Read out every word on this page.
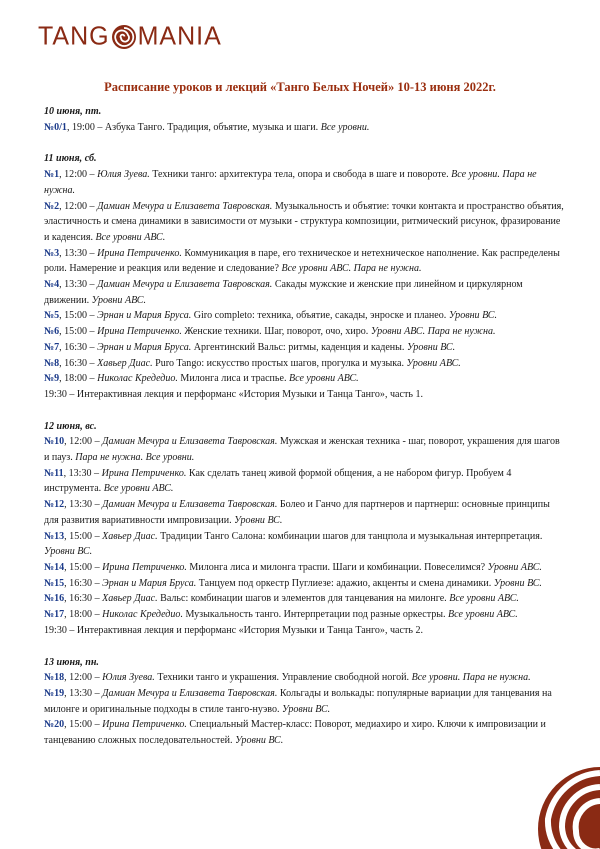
TANG MANIA
Расписание уроков и лекций «Танго Белых Ночей» 10-13 июня 2022г.
10 июня, пт.

№0/1, 19:00 – Азбука Танго. Традиция, объятие, музыка и шаги. Все уровни.

11 июня, сб.

№1, 12:00 – Юлия Зуева. Техники танго: архитектура тела, опора и свобода в шаге и повороте. Все уровни. Пара не нужна.

№2, 12:00 – Дамиан Мечура и Елизавета Тавровская. Музыкальность и объятие: точки контакта и пространство объятия, эластичность и смена динамики в зависимости от музыки - структура композиции, ритмический рисунок, фразирование и каденсия. Все уровни АВС.

№3, 13:30 – Ирина Петриченко. Коммуникация в паре, его техническое и нетехническое наполнение. Как распределены роли. Намерение и реакция или ведение и следование? Все уровни АВС. Пара не нужна.

№4, 13:30 – Дамиан Мечура и Елизавета Тавровская. Сакады мужские и женские при линейном и циркулярном движении. Уровни АВС.

№5, 15:00 – Эрнан и Мария Бруса. Giro completo: техника, объятие, сакады, энроске и планео. Уровни ВС.

№6, 15:00 – Ирина Петриченко. Женские техники. Шаг, поворот, очо, хиро. Уровни АВС. Пара не нужна.

№7, 16:30 – Эрнан и Мария Бруса. Аргентинский Вальс: ритмы, каденция и кадены. Уровни ВС.

№8, 16:30 – Хавьер Диас. Puro Tango: искусство простых шагов, прогулка и музыка. Уровни АВС.

№9, 18:00 – Николас Кредедио. Милонга лиса и траспье. Все уровни АВС.

19:30 – Интерактивная лекция и перформанс «История Музыки и Танца Танго», часть 1.

12 июня, вс.

№10, 12:00 – Дамиан Мечура и Елизавета Тавровская. Мужская и женская техника - шаг, поворот, украшения для шагов и пауз. Пара не нужна. Все уровни.

№11, 13:30 – Ирина Петриченко. Как сделать танец живой формой общения, а не набором фигур. Пробуем 4 инструмента. Все уровни АВС.

№12, 13:30 – Дамиан Мечура и Елизавета Тавровская. Болео и Ганчо для партнеров и партнерш: основные принципы для развития вариативности импровизации. Уровни ВС.

№13, 15:00 – Хавьер Диас. Традиции Танго Салона: комбинации шагов для танцпола и музыкальная интерпретация. Уровни ВС.

№14, 15:00 – Ирина Петриченко. Милонга лиса и милонга траспи. Шаги и комбинации. Повеселимся? Уровни АВС.

№15, 16:30 – Эрнан и Мария Бруса. Танцуем под оркестр Пуглиезе: адажио, акценты и смена динамики. Уровни ВС.

№16, 16:30 – Хавьер Диас. Вальс: комбинации шагов и элементов для танцевания на милонге. Все уровни АВС.

№17, 18:00 – Николас Кредедио. Музыкальность танго. Интерпретации под разные оркестры. Все уровни АВС.

19:30 – Интерактивная лекция и перформанс «История Музыки и Танца Танго», часть 2.

13 июня, пн.

№18, 12:00 – Юлия Зуева. Техники танго и украшения. Управление свободной ногой. Все уровни. Пара не нужна.

№19, 13:30 – Дамиан Мечура и Елизавета Тавровская. Кольгады и волькады: популярные вариации для танцевания на милонге и оригинальные подходы в стиле танго-нуэво. Уровни ВС.

№20, 15:00 – Ирина Петриченко. Специальный Мастер-класс: Поворот, медиахиро и хиро. Ключи к импровизации и танцеванию сложных последовательностей. Уровни ВС.
